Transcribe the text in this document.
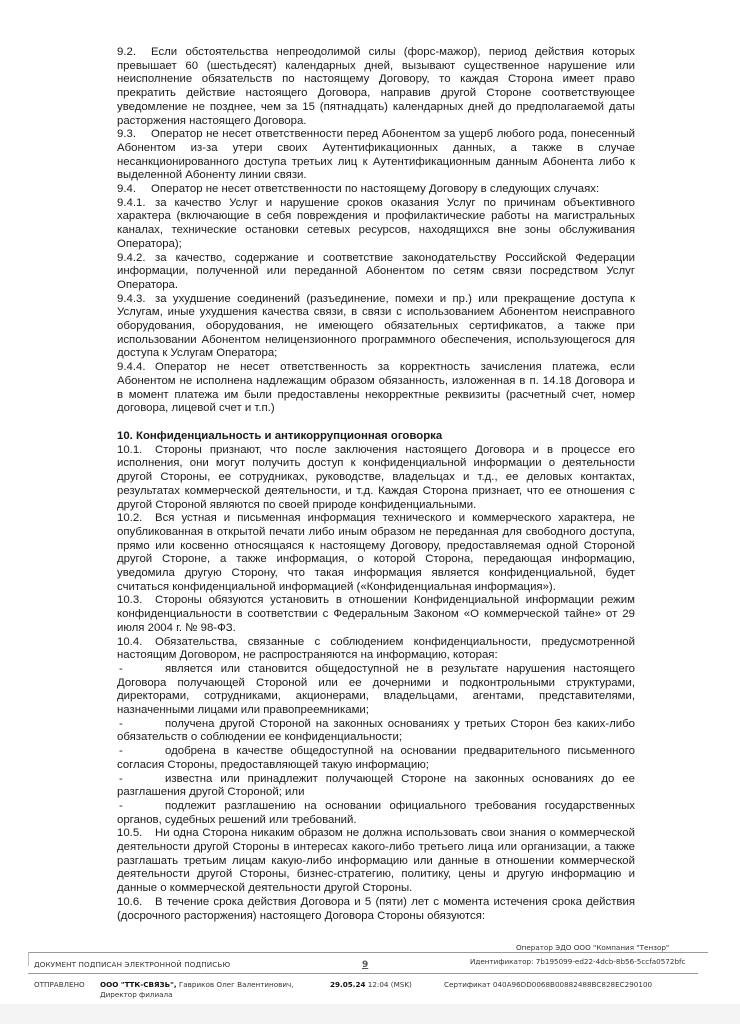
9.2. Если обстоятельства непреодолимой силы (форс-мажор), период действия которых превышает 60 (шестьдесят) календарных дней, вызывают существенное нарушение или неисполнение обязательств по настоящему Договору, то каждая Сторона имеет право прекратить действие настоящего Договора, направив другой Стороне соответствующее уведомление не позднее, чем за 15 (пятнадцать) календарных дней до предполагаемой даты расторжения настоящего Договора.

9.3. Оператор не несет ответственности перед Абонентом за ущерб любого рода, понесенный Абонентом из-за утери своих Аутентификационных данных, а также в случае несанкционированного доступа третьих лиц к Аутентификационным данным Абонента либо к выделенной Абоненту линии связи.

9.4. Оператор не несет ответственности по настоящему Договору в следующих случаях:

9.4.1. за качество Услуг и нарушение сроков оказания Услуг по причинам объективного характера (включающие в себя повреждения и профилактические работы на магистральных каналах, технические остановки сетевых ресурсов, находящихся вне зоны обслуживания Оператора);

9.4.2. за качество, содержание и соответствие законодательству Российской Федерации информации, полученной или переданной Абонентом по сетям связи посредством Услуг Оператора.

9.4.3. за ухудшение соединений (разъединение, помехи и пр.) или прекращение доступа к Услугам, иные ухудшения качества связи, в связи с использованием Абонентом неисправного оборудования, оборудования, не имеющего обязательных сертификатов, а также при использовании Абонентом нелицензионного программного обеспечения, использующегося для доступа к Услугам Оператора;

9.4.4. Оператор не несет ответственность за корректность зачисления платежа, если Абонентом не исполнена надлежащим образом обязанность, изложенная в п. 14.18 Договора и в момент платежа им были предоставлены некорректные реквизиты (расчетный счет, номер договора, лицевой счет и т.п.)

10. Конфиденциальность и антикоррупционная оговорка

10.1. Стороны признают, что после заключения настоящего Договора и в процессе его исполнения, они могут получить доступ к конфиденциальной информации о деятельности другой Стороны, ее сотрудниках, руководстве, владельцах и т.д., ее деловых контактах, результатах коммерческой деятельности, и т.д. Каждая Сторона признает, что ее отношения с другой Стороной являются по своей природе конфиденциальными.

10.2. Вся устная и письменная информация технического и коммерческого характера, не опубликованная в открытой печати либо иным образом не переданная для свободного доступа, прямо или косвенно относящаяся к настоящему Договору, предоставляемая одной Стороной другой Стороне, а также информация, о которой Сторона, передающая информацию, уведомила другую Сторону, что такая информация является конфиденциальной, будет считаться конфиденциальной информацией («Конфиденциальная информация»).

10.3. Стороны обязуются установить в отношении Конфиденциальной информации режим конфиденциальности в соответствии с Федеральным Законом «О коммерческой тайне» от 29 июля 2004 г. № 98-ФЗ.

10.4. Обязательства, связанные с соблюдением конфиденциальности, предусмотренной настоящим Договором, не распространяются на информацию, которая:

-	является или становится общедоступной не в результате нарушения настоящего Договора получающей Стороной или ее дочерними и подконтрольными структурами, директорами, сотрудниками, акционерами, владельцами, агентами, представителями, назначенными лицами или правопреемниками;

-	получена другой Стороной на законных основаниях у третьих Сторон без каких-либо обязательств о соблюдении ее конфиденциальности;

-	одобрена в качестве общедоступной на основании предварительного письменного согласия Стороны, предоставляющей такую информацию;

-	известна или принадлежит получающей Стороне на законных основаниях до ее разглашения другой Стороной; или

-	подлежит разглашению на основании официального требования государственных органов, судебных решений или требований.

10.5. Ни одна Сторона никаким образом не должна использовать свои знания о коммерческой деятельности другой Стороны в интересах какого-либо третьего лица или организации, а также разглашать третьим лицам какую-либо информацию или данные в отношении коммерческой деятельности другой Стороны, бизнес-стратегию, политику, цены и другую информацию и данные о коммерческой деятельности другой Стороны.

10.6. В течение срока действия Договора и 5 (пяти) лет с момента истечения срока действия (досрочного расторжения) настоящего Договора Стороны обязуются:

Оператор ЭДО ООО "Компания "Тензор"
ДОКУМЕНТ ПОДПИСАН ЭЛЕКТРОННОЙ ПОДПИСЬЮ	9	Идентификатор: 7b195099-ed22-4dcb-8b56-5ccfa0572bfc
ОТПРАВЛЕНО ООО "ТТК-СВЯЗЬ", Гавриков Олег Валентинович, Директор филиала
29.05.24 12:04 (MSK)	Сертификат 040A96DD0068B00882488BC828EC290100
